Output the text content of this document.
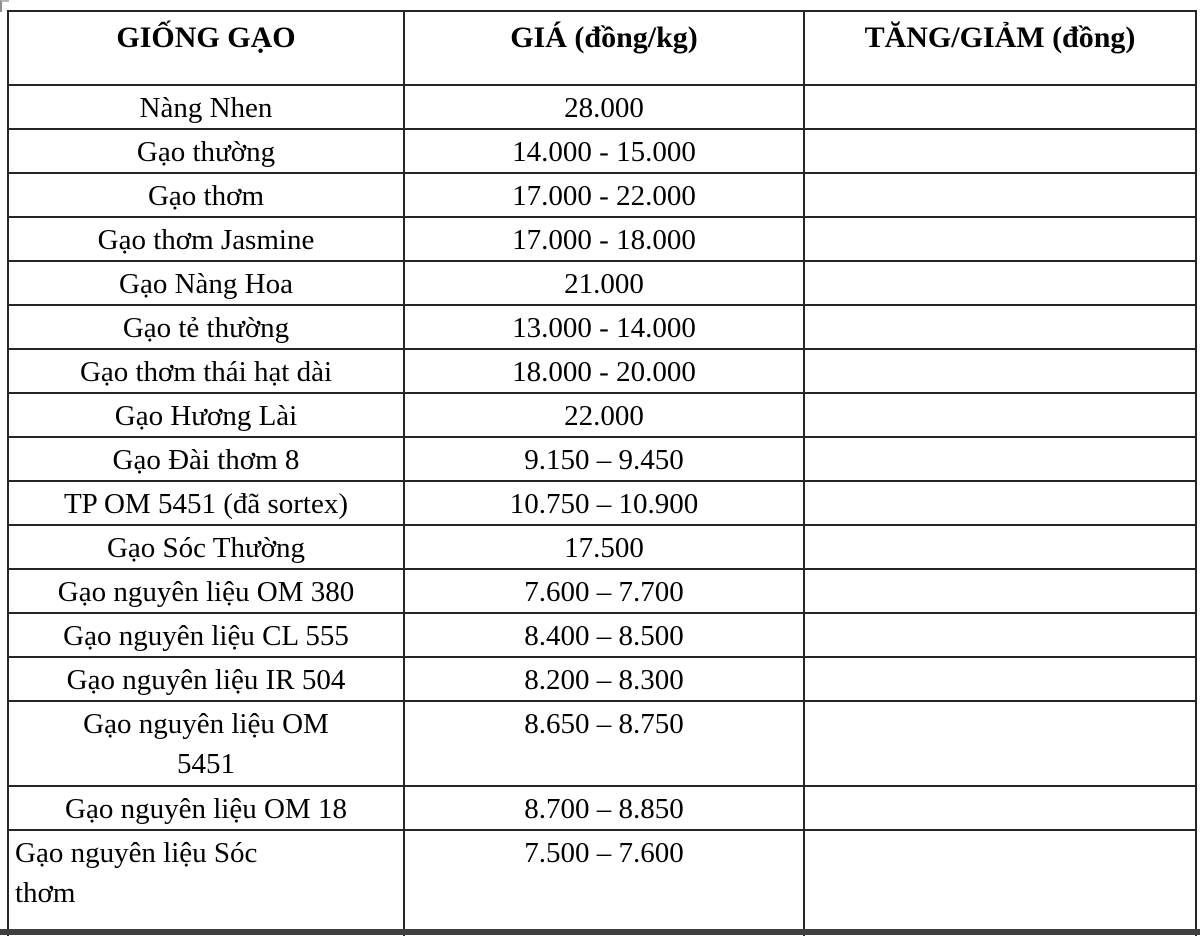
GIỐNG GẠO	GIÁ (đồng/kg)	TĂNG/GIẢM (đồng)
Nàng Nhen	28.000	
Gạo thường	14.000 - 15.000	
Gạo thơm	17.000 - 22.000	
Gạo thơm Jasmine	17.000 - 18.000	
Gạo Nàng Hoa	21.000	
Gạo tẻ thường	13.000 - 14.000	
Gạo thơm thái hạt dài	18.000 - 20.000	
Gạo Hương Lài	22.000	
Gạo Đài thơm 8	9.150 – 9.450	
TP OM 5451 (đã sortex)	10.750 – 10.900	
Gạo Sóc Thường	17.500	
Gạo nguyên liệu OM 380	7.600 – 7.700	
Gạo nguyên liệu CL 555	8.400 – 8.500	
Gạo nguyên liệu IR 504	8.200 – 8.300	
Gạo nguyên liệu OM 5451	8.650 – 8.750	
Gạo nguyên liệu OM 18	8.700 – 8.850	
Gạo nguyên liệu Sóc thơm	7.500 – 7.600	
